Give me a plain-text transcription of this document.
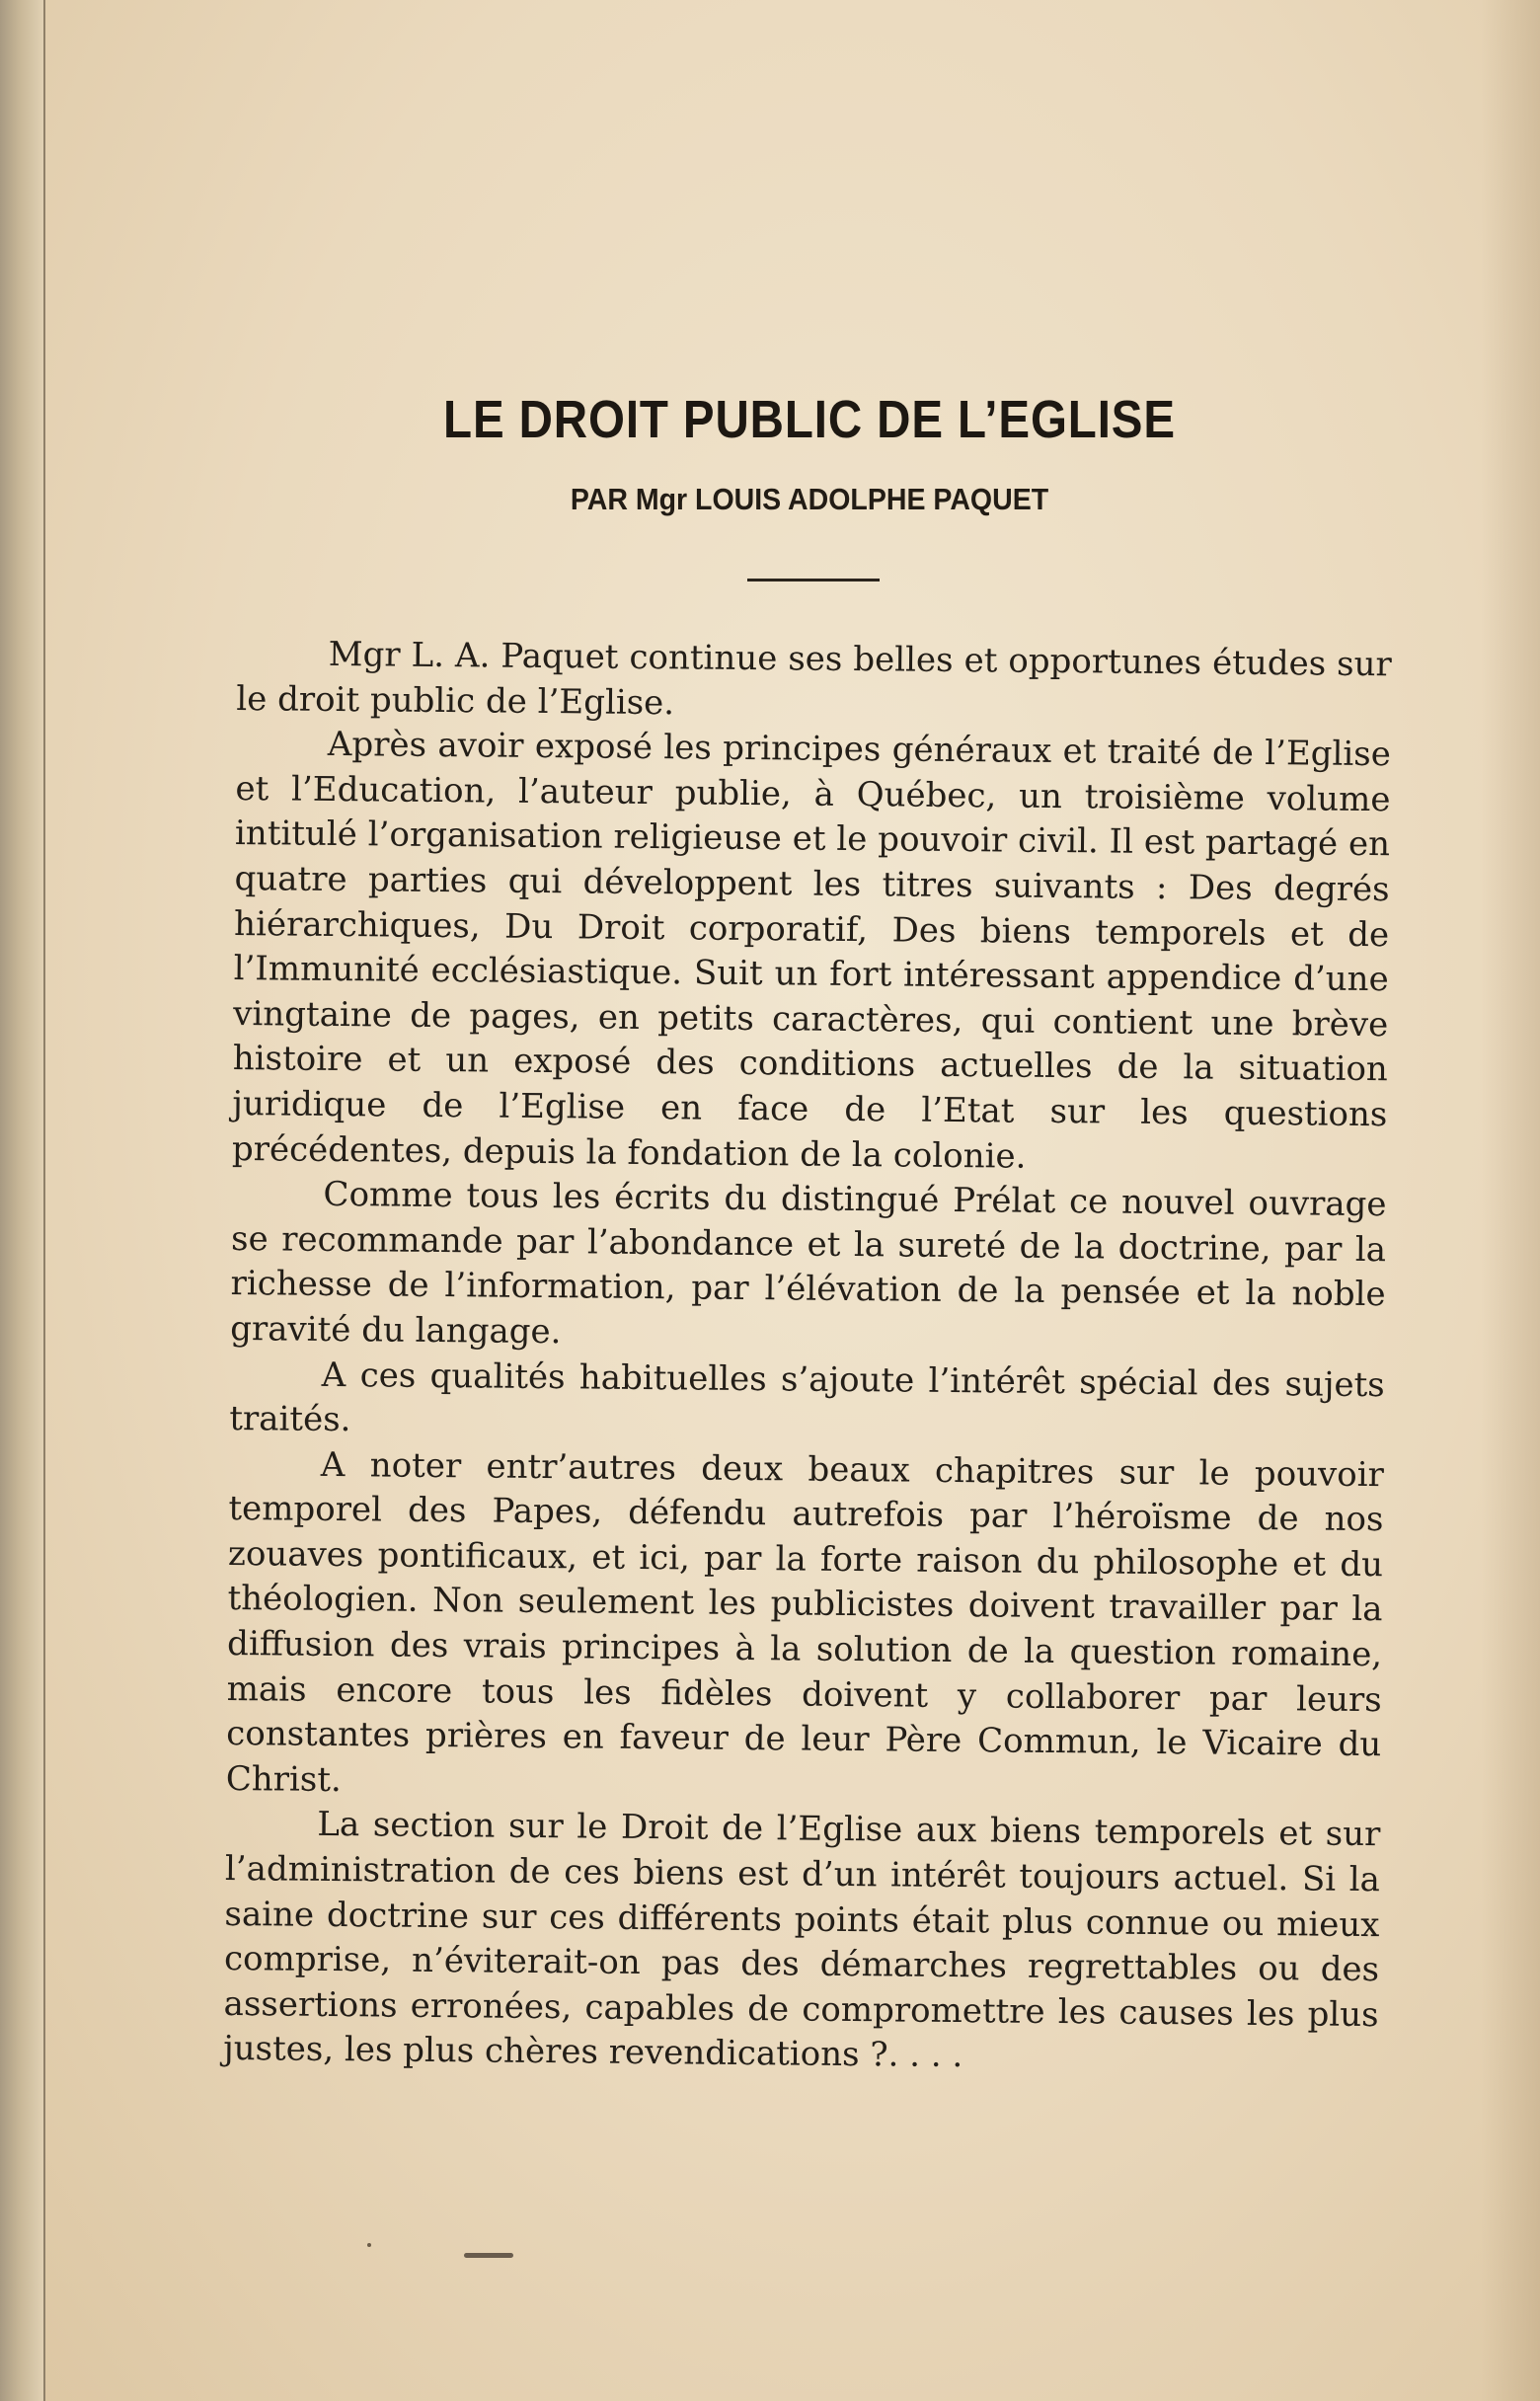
LE DROIT PUBLIC DE L’EGLISE
PAR Mgr LOUIS ADOLPHE PAQUET

Mgr L. A. Paquet continue ses belles et opportunes études sur le droit public de l’Eglise.

Après avoir exposé les principes généraux et traité de l’Eglise et l’Education, l’auteur publie, à Québec, un troisième volume intitulé l’organisation religieuse et le pouvoir civil. Il est partagé en quatre parties qui développent les titres suivants : Des degrés hiérarchiques, Du Droit corporatif, Des biens temporels et de l’Immunité ecclésiastique. Suit un fort intéressant appendice d’une vingtaine de pages, en petits caractères, qui contient une brève histoire et un exposé des conditions actuelles de la situation juridique de l’Eglise en face de l’Etat sur les questions précédentes, depuis la fondation de la colonie.

Comme tous les écrits du distingué Prélat ce nouvel ouvrage se recommande par l’abondance et la sureté de la doctrine, par la richesse de l’information, par l’élévation de la pensée et la noble gravité du langage.

A ces qualités habituelles s’ajoute l’intérêt spécial des sujets traités.

A noter entr’autres deux beaux chapitres sur le pouvoir temporel des Papes, défendu autrefois par l’héroïsme de nos zouaves pontificaux, et ici, par la forte raison du philosophe et du théologien. Non seulement les publicistes doivent travailler par la diffusion des vrais principes à la solution de la question romaine, mais encore tous les fidèles doivent y collaborer par leurs constantes prières en faveur de leur Père Commun, le Vicaire du Christ.

La section sur le Droit de l’Eglise aux biens temporels et sur l’administration de ces biens est d’un intérêt toujours actuel. Si la saine doctrine sur ces différents points était plus connue ou mieux comprise, n’éviterait-on pas des démarches regrettables ou des assertions erronées, capables de compromettre les causes les plus justes, les plus chères revendications ?. . . .
